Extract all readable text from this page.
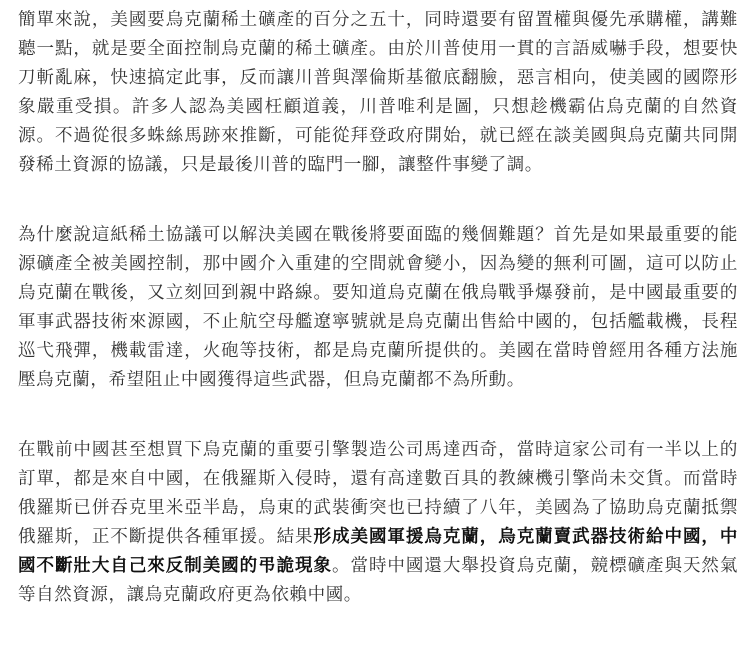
簡單來說，美國要烏克蘭稀土礦產的百分之五十，同時還要有留置權與優先承購權，講難聽一點，就是要全面控制烏克蘭的稀土礦產。由於川普使用一貫的言語威嚇手段，想要快刀斬亂麻，快速搞定此事，反而讓川普與澤倫斯基徹底翻臉，惡言相向，使美國的國際形象嚴重受損。許多人認為美國枉顧道義，川普唯利是圖，只想趁機霸佔烏克蘭的自然資源。不過從很多蛛絲馬跡來推斷，可能從拜登政府開始，就已經在談美國與烏克蘭共同開發稀土資源的協議，只是最後川普的臨門一腳，讓整件事變了調。

為什麼說這紙稀土協議可以解決美國在戰後將要面臨的幾個難題？首先是如果最重要的能源礦產全被美國控制，那中國介入重建的空間就會變小，因為變的無利可圖，這可以防止烏克蘭在戰後，又立刻回到親中路線。要知道烏克蘭在俄烏戰爭爆發前，是中國最重要的軍事武器技術來源國，不止航空母艦遼寧號就是烏克蘭出售給中國的，包括艦載機，長程巡弋飛彈，機載雷達，火砲等技術，都是烏克蘭所提供的。美國在當時曾經用各種方法施壓烏克蘭，希望阻止中國獲得這些武器，但烏克蘭都不為所動。

在戰前中國甚至想買下烏克蘭的重要引擎製造公司馬達西奇，當時這家公司有一半以上的訂單，都是來自中國，在俄羅斯入侵時，還有高達數百具的教練機引擎尚未交貨。而當時俄羅斯已併吞克里米亞半島，烏東的武裝衝突也已持續了八年，美國為了協助烏克蘭抵禦俄羅斯，正不斷提供各種軍援。結果形成美國軍援烏克蘭，烏克蘭賣武器技術給中國，中國不斷壯大自己來反制美國的弔詭現象。當時中國還大舉投資烏克蘭，競標礦產與天然氣等自然資源，讓烏克蘭政府更為依賴中國。
